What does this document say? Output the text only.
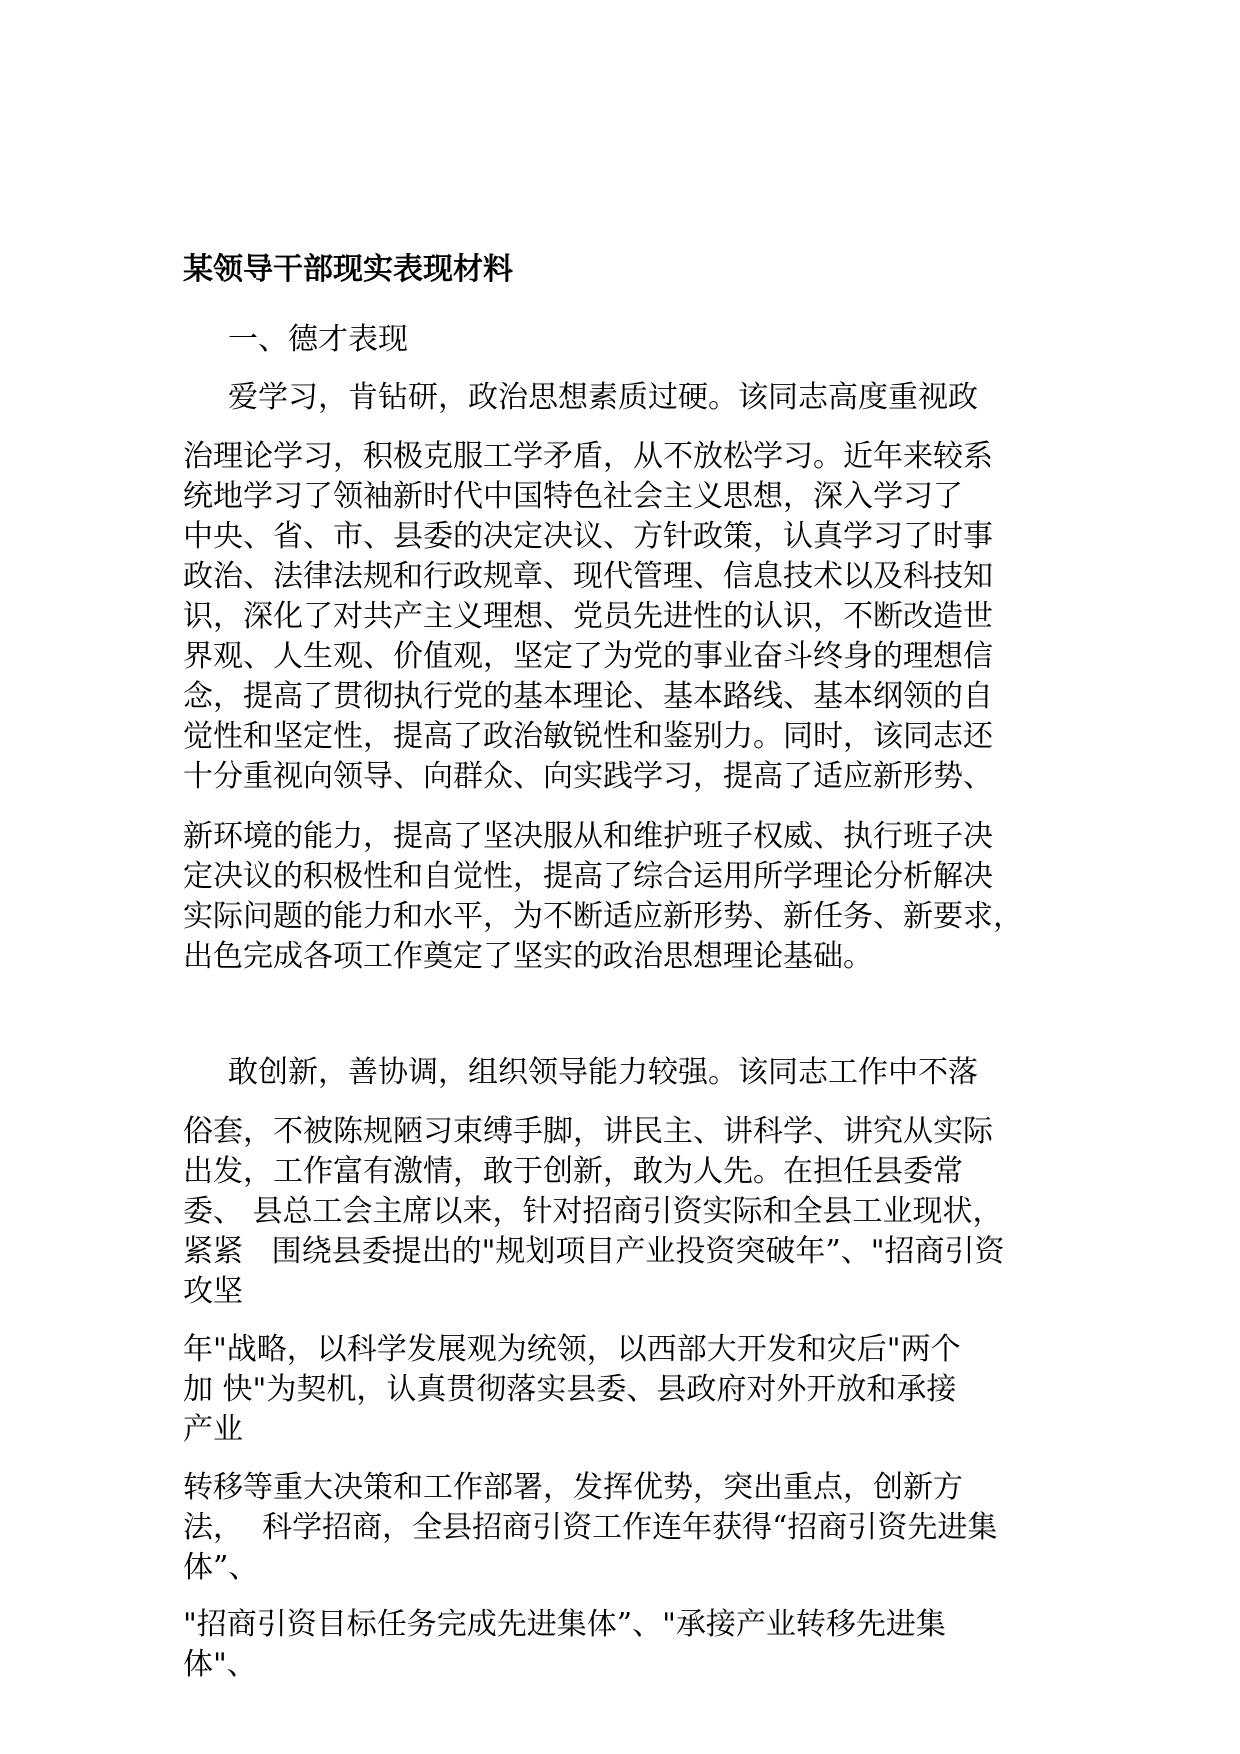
某领导干部现实表现材料
一、德才表现
爱学习，肯钻研，政治思想素质过硬。该同志高度重视政
治理论学习，积极克服工学矛盾，从不放松学习。近年来较系
统地学习了领袖新时代中国特色社会主义思想，深入学习了
中央、省、市、县委的决定决议、方针政策，认真学习了时事
政治、法律法规和行政规章、现代管理、信息技术以及科技知
识，深化了对共产主义理想、党员先进性的认识，不断改造世
界观、人生观、价值观，坚定了为党的事业奋斗终身的理想信
念，提高了贯彻执行党的基本理论、基本路线、基本纲领的自
觉性和坚定性，提高了政治敏锐性和鉴别力。同时，该同志还
十分重视向领导、向群众、向实践学习，提高了适应新形势、
新环境的能力，提高了坚决服从和维护班子权威、执行班子决
定决议的积极性和自觉性，提高了综合运用所学理论分析解决
实际问题的能力和水平，为不断适应新形势、新任务、新要求，
出色完成各项工作奠定了坚实的政治思想理论基础。
敢创新，善协调，组织领导能力较强。该同志工作中不落
俗套，不被陈规陋习束缚手脚，讲民主、讲科学、讲究从实际
出发，工作富有激情，敢于创新，敢为人先。在担任县委常
委、 县总工会主席以来，针对招商引资实际和全县工业现状，
紧紧   围绕县委提出的"规划项目产业投资突破年”、"招商引资
攻坚
年"战略，以科学发展观为统领，以西部大开发和灾后"两个
加 快"为契机，认真贯彻落实县委、县政府对外开放和承接
产业
转移等重大决策和工作部署，发挥优势，突出重点，创新方
法，  科学招商，全县招商引资工作连年获得“招商引资先进集
体”、
"招商引资目标任务完成先进集体”、"承接产业转移先进集
体"、
